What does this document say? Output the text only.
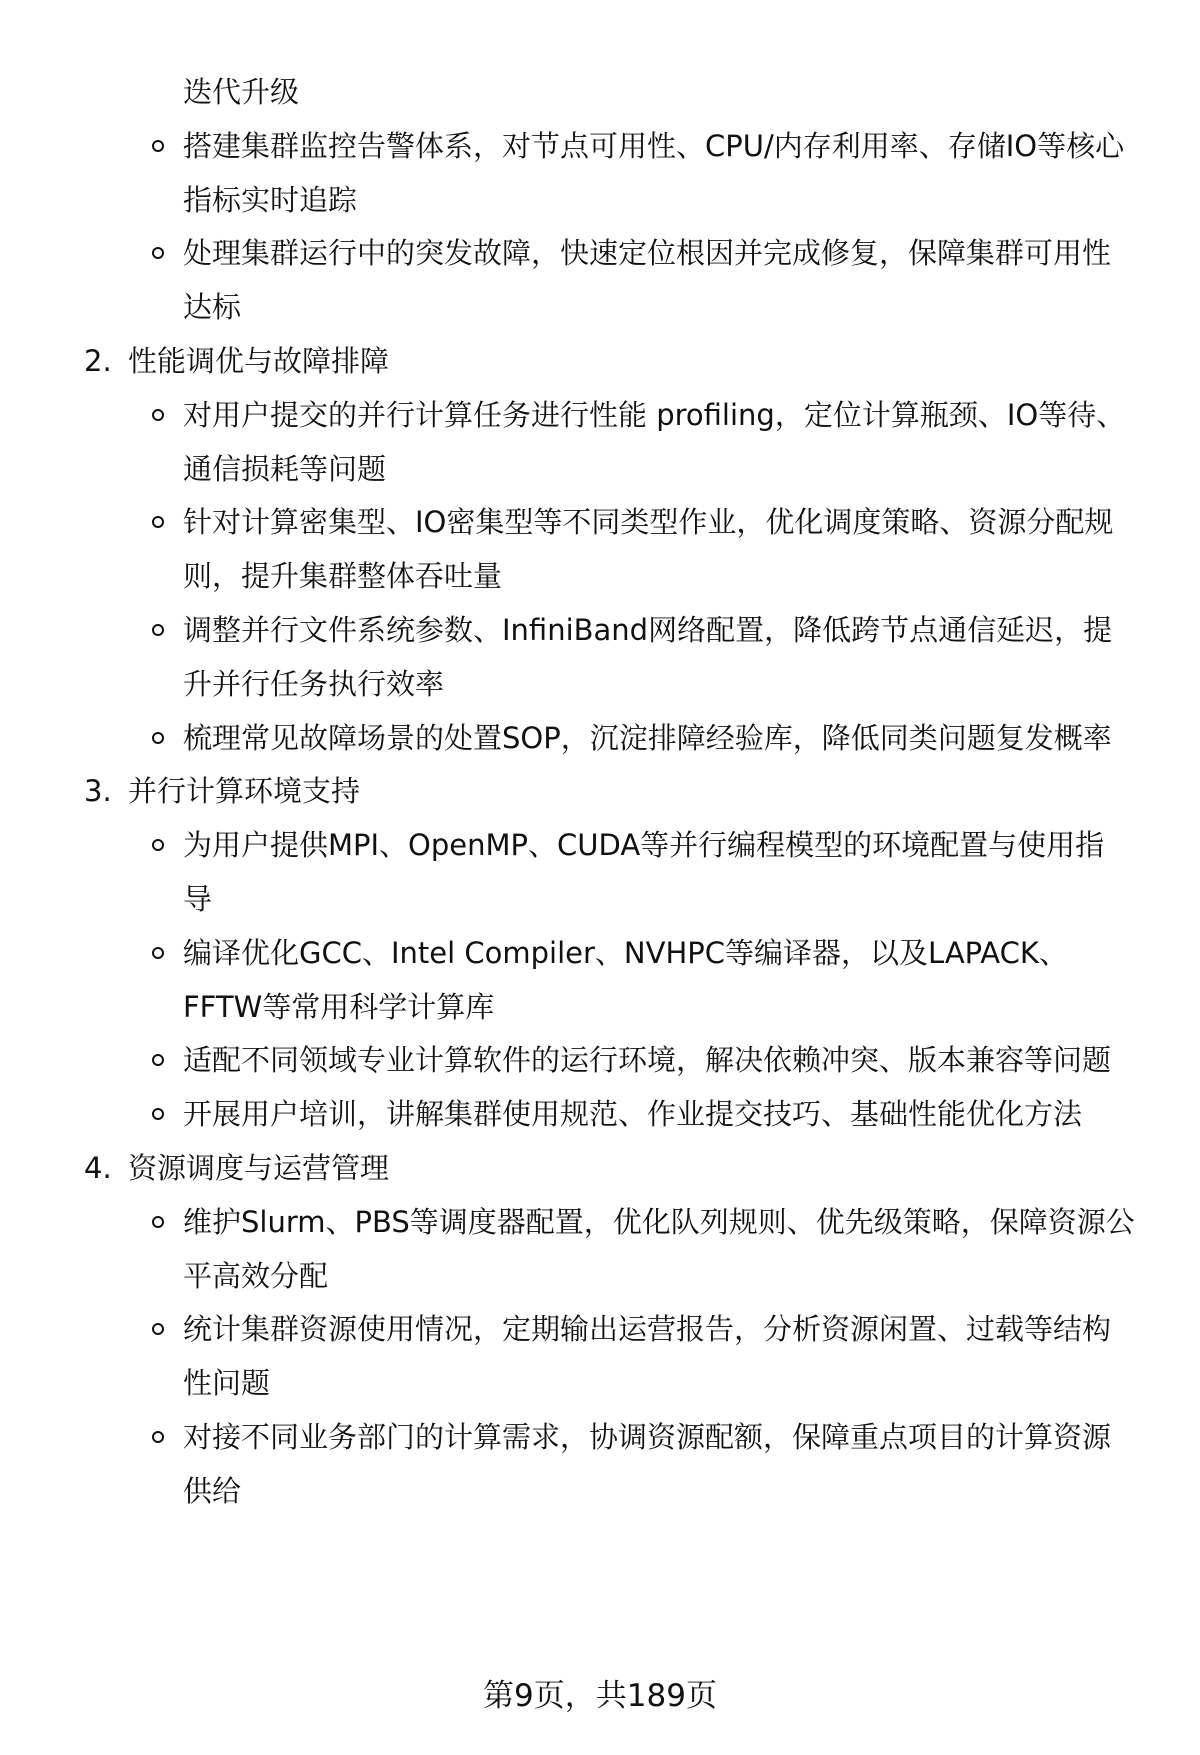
迭代升级
搭建集群监控告警体系，对节点可用性、CPU/内存利用率、存储IO等核心
指标实时追踪
处理集群运行中的突发故障，快速定位根因并完成修复，保障集群可用性
达标
2. 性能调优与故障排障
对用户提交的并行计算任务进行性能 profiling，定位计算瓶颈、IO等待、
通信损耗等问题
针对计算密集型、IO密集型等不同类型作业，优化调度策略、资源分配规
则，提升集群整体吞吐量
调整并行文件系统参数、InfiniBand网络配置，降低跨节点通信延迟，提
升并行任务执行效率
梳理常见故障场景的处置SOP，沉淀排障经验库，降低同类问题复发概率
3. 并行计算环境支持
为用户提供MPI、OpenMP、CUDA等并行编程模型的环境配置与使用指
导
编译优化GCC、Intel Compiler、NVHPC等编译器，以及LAPACK、
FFTW等常用科学计算库
适配不同领域专业计算软件的运行环境，解决依赖冲突、版本兼容等问题
开展用户培训，讲解集群使用规范、作业提交技巧、基础性能优化方法
4. 资源调度与运营管理
维护Slurm、PBS等调度器配置，优化队列规则、优先级策略，保障资源公
平高效分配
统计集群资源使用情况，定期输出运营报告，分析资源闲置、过载等结构
性问题
对接不同业务部门的计算需求，协调资源配额，保障重点项目的计算资源
供给
第9页，共189页
